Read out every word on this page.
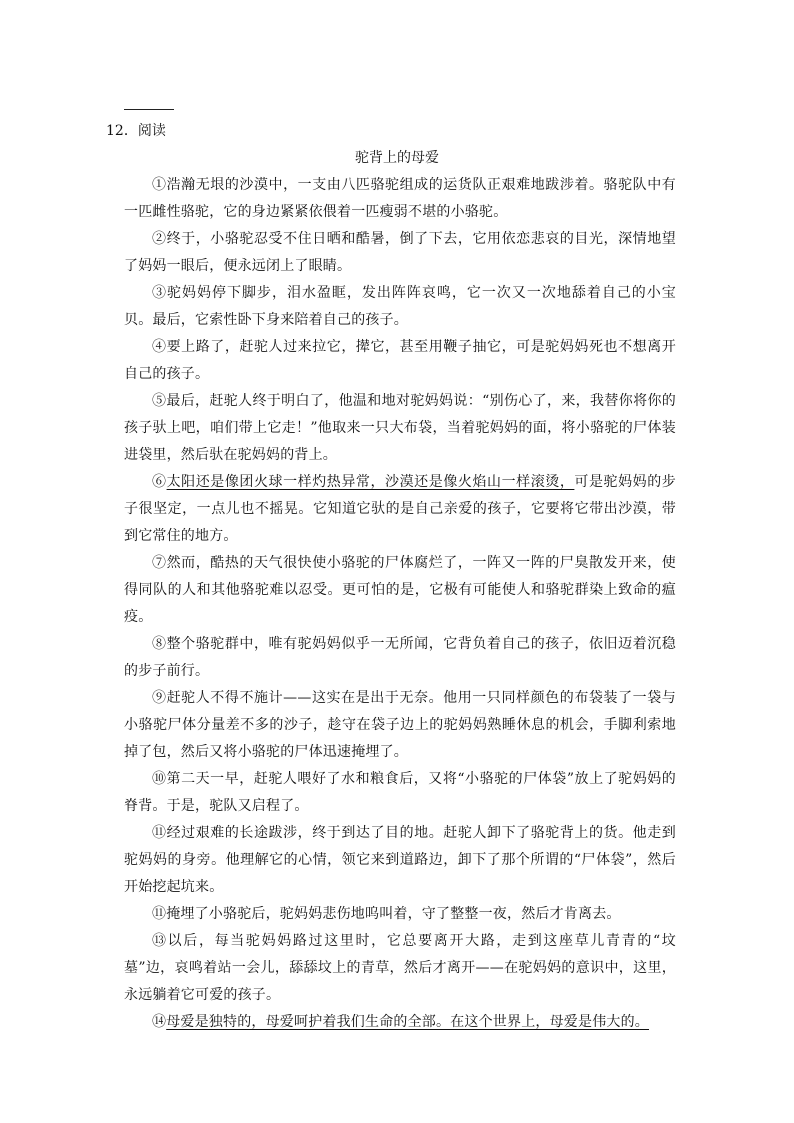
12．阅读
驼背上的母爱

①浩瀚无垠的沙漠中，一支由八匹骆驼组成的运货队正艰难地跋涉着。骆驼队中有一匹雌性骆驼，它的身边紧紧依偎着一匹瘦弱不堪的小骆驼。

②终于，小骆驼忍受不住日晒和酷暑，倒了下去，它用依恋悲哀的目光，深情地望了妈妈一眼后，便永远闭上了眼睛。

③驼妈妈停下脚步，泪水盈眶，发出阵阵哀鸣，它一次又一次地舔着自己的小宝贝。最后，它索性卧下身来陪着自己的孩子。

④要上路了，赶驼人过来拉它，撵它，甚至用鞭子抽它，可是驼妈妈死也不想离开自己的孩子。

⑤最后，赶驼人终于明白了，他温和地对驼妈妈说：“别伤心了，来，我替你将你的孩子驮上吧，咱们带上它走！”他取来一只大布袋，当着驼妈妈的面，将小骆驼的尸体装进袋里，然后驮在驼妈妈的背上。

⑥太阳还是像团火球一样灼热异常，沙漠还是像火焰山一样滚烫，可是驼妈妈的步子很坚定，一点儿也不摇晃。它知道它驮的是自己亲爱的孩子，它要将它带出沙漠，带到它常住的地方。

⑦然而，酷热的天气很快使小骆驼的尸体腐烂了，一阵又一阵的尸臭散发开来，使得同队的人和其他骆驼难以忍受。更可怕的是，它极有可能使人和骆驼群染上致命的瘟疫。

⑧整个骆驼群中，唯有驼妈妈似乎一无所闻，它背负着自己的孩子，依旧迈着沉稳的步子前行。

⑨赶驼人不得不施计——这实在是出于无奈。他用一只同样颜色的布袋装了一袋与小骆驼尸体分量差不多的沙子，趁守在袋子边上的驼妈妈熟睡休息的机会，手脚利索地掉了包，然后又将小骆驼的尸体迅速掩埋了。

⑩第二天一早，赶驼人喂好了水和粮食后，又将“小骆驼的尸体袋”放上了驼妈妈的脊背。于是，驼队又启程了。

⑪经过艰难的长途跋涉，终于到达了目的地。赶驼人卸下了骆驼背上的货。他走到驼妈妈的身旁。他理解它的心情，领它来到道路边，卸下了那个所谓的“尸体袋”，然后开始挖起坑来。

⑪掩埋了小骆驼后，驼妈妈悲伤地呜叫着，守了整整一夜，然后才肯离去。

⑬以后，每当驼妈妈路过这里时，它总要离开大路，走到这座草儿青青的“坟墓”边，哀鸣着站一会儿，舔舔坟上的青草，然后才离开——在驼妈妈的意识中，这里，永远躺着它可爱的孩子。

⑭母爱是独特的，母爱呵护着我们生命的全部。在这个世界上，母爱是伟大的。
